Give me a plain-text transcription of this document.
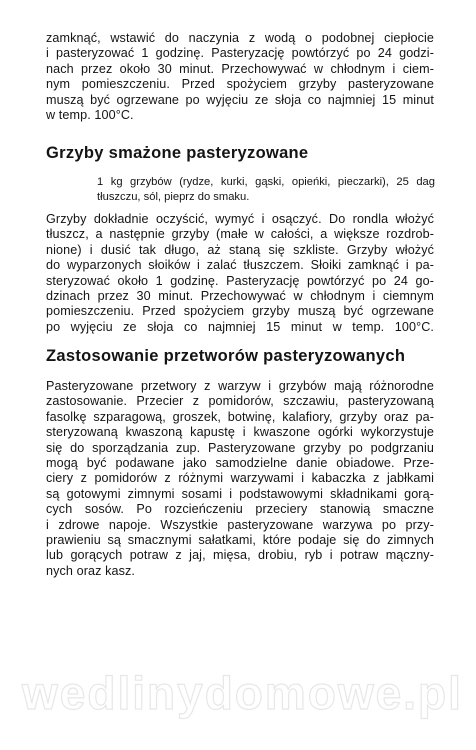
zamknąć, wstawić do naczynia z wodą o podobnej ciepłocie
i pasteryzować 1 godzinę. Pasteryzację powtórzyć po 24 godzi-
nach przez około 30 minut. Przechowywać w chłodnym i ciem-
nym pomieszczeniu. Przed spożyciem grzyby pasteryzowane
muszą być ogrzewane po wyjęciu ze słoja co najmniej 15 minut
w temp. 100°C.
Grzyby smażone pasteryzowane
1 kg grzybów (rydze, kurki, gąski, opieńki, pieczarki), 25 dag
tłuszczu, sól, pieprz do smaku.
Grzyby dokładnie oczyścić, wymyć i osączyć. Do rondla włożyć
tłuszcz, a następnie grzyby (małe w całości, a większe rozdrob-
nione) i dusić tak długo, aż staną się szkliste. Grzyby włożyć
do wyparzonych słoików i zalać tłuszczem. Słoiki zamknąć i pa-
steryzować około 1 godzinę. Pasteryzację powtórzyć po 24 go-
dzinach przez 30 minut. Przechowywać w chłodnym i ciemnym
pomieszczeniu. Przed spożyciem grzyby muszą być ogrzewane
po wyjęciu ze słoja co najmniej 15 minut w temp. 100°C.
Zastosowanie przetworów pasteryzowanych
Pasteryzowane przetwory z warzyw i grzybów mają różnorodne
zastosowanie. Przecier z pomidorów, szczawiu, pasteryzowaną
fasolkę szparagową, groszek, botwinę, kalafiory, grzyby oraz pa-
steryzowaną kwaszoną kapustę i kwaszone ogórki wykorzystuje
się do sporządzania zup. Pasteryzowane grzyby po podgrzaniu
mogą być podawane jako samodzielne danie obiadowe. Prze-
ciery z pomidorów z różnymi warzywami i kabaczka z jabłkami
są gotowymi zimnymi sosami i podstawowymi składnikami gorą-
cych sosów. Po rozcieńczeniu przeciery stanowią smaczne
i zdrowe napoje. Wszystkie pasteryzowane warzywa po przy-
prawieniu są smacznymi sałatkami, które podaje się do zimnych
lub gorących potraw z jaj, mięsa, drobiu, ryb i potraw mączny-
nych oraz kasz.
wedlinydomowe.pl
